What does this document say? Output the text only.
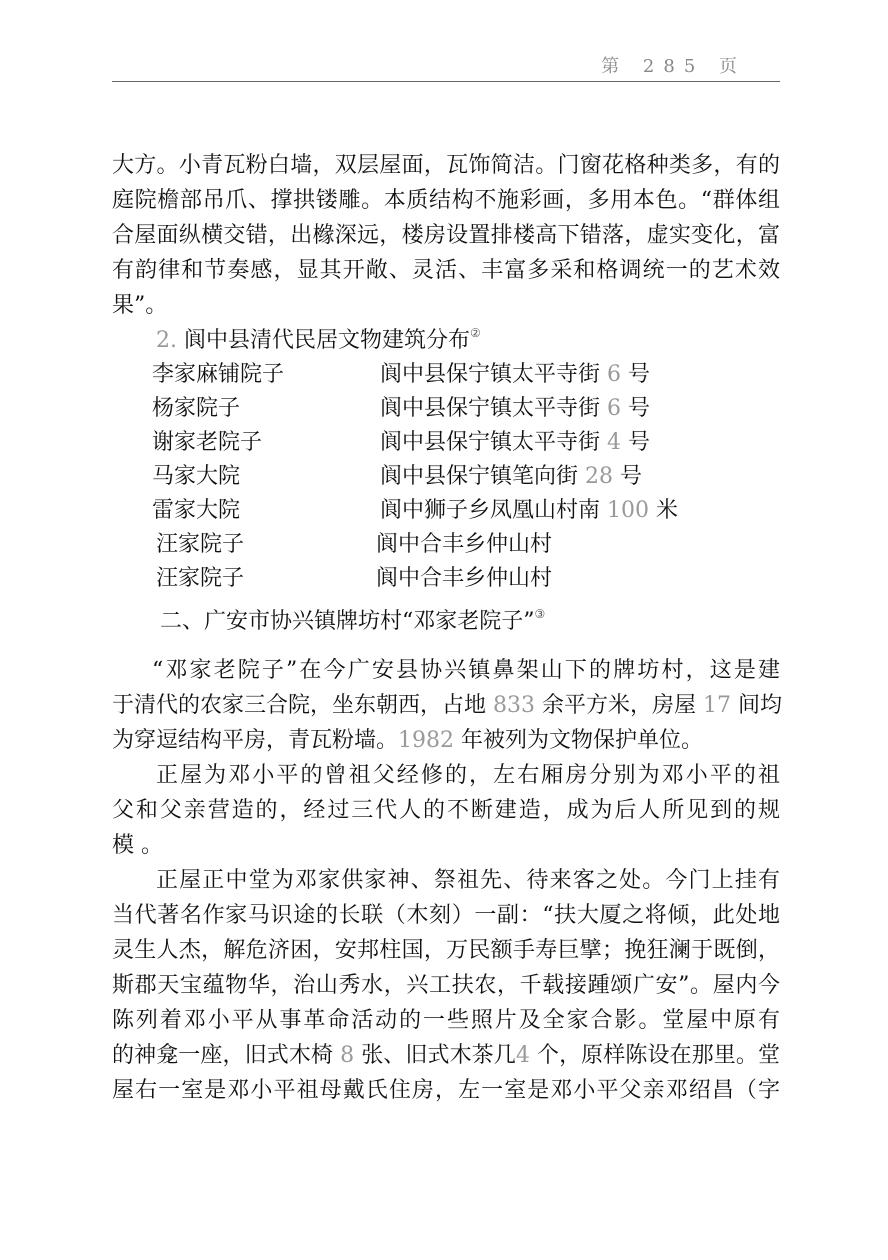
第 285 页
大方。小青瓦粉白墙，双层屋面，瓦饰简洁。门窗花格种类多，有的
庭院檐部吊爪、撑拱镂雕。本质结构不施彩画，多用本色。“群体组
合屋面纵横交错，出橼深远，楼房设置排楼高下错落，虚实变化，富
有韵律和节奏感，显其开敞、灵活、丰富多采和格调统一的艺术效
果”。
2. 阆中县清代民居文物建筑分布②
李家麻铺院子	阆中县保宁镇太平寺街 6 号
杨家院子	阆中县保宁镇太平寺街 6 号
谢家老院子	阆中县保宁镇太平寺街 4 号
马家大院	阆中县保宁镇笔向街 28 号
雷家大院	阆中狮子乡凤凰山村南 100 米
汪家院子	阆中合丰乡仲山村
汪家院子	阆中合丰乡仲山村
二、广安市协兴镇牌坊村“邓家老院子”③
“邓家老院子”在今广安县协兴镇鼻架山下的牌坊村，这是建
于清代的农家三合院，坐东朝西，占地 833 余平方米，房屋 17 间均
为穿逗结构平房，青瓦粉墙。1982 年被列为文物保护单位。
正屋为邓小平的曾祖父经修的，左右厢房分别为邓小平的祖
父和父亲营造的，经过三代人的不断建造，成为后人所见到的规
模 。
正屋正中堂为邓家供家神、祭祖先、待来客之处。今门上挂有
当代著名作家马识途的长联（木刻）一副：“扶大厦之将倾，此处地
灵生人杰，解危济困，安邦柱国，万民额手寿巨擘；挽狂澜于既倒，
斯郡天宝蕴物华，治山秀水，兴工扶农，千载接踵颂广安”。屋内今
陈列着邓小平从事革命活动的一些照片及全家合影。堂屋中原有
的神龛一座，旧式木椅 8 张、旧式木茶几4 个，原样陈设在那里。堂
屋右一室是邓小平祖母戴氏住房，左一室是邓小平父亲邓绍昌（字
